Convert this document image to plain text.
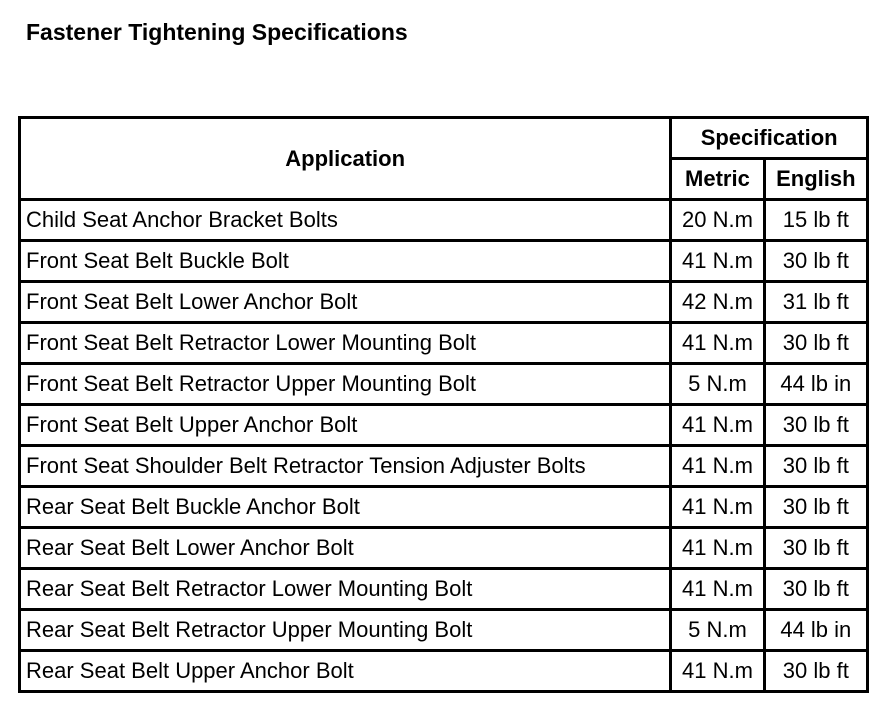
Fastener Tightening Specifications
Application	Specification	
	Metric	English
Child Seat Anchor Bracket Bolts	20 N.m	15 lb ft
Front Seat Belt Buckle Bolt	41 N.m	30 lb ft
Front Seat Belt Lower Anchor Bolt	42 N.m	31 lb ft
Front Seat Belt Retractor Lower Mounting Bolt	41 N.m	30 lb ft
Front Seat Belt Retractor Upper Mounting Bolt	5 N.m	44 lb in
Front Seat Belt Upper Anchor Bolt	41 N.m	30 lb ft
Front Seat Shoulder Belt Retractor Tension Adjuster Bolts	41 N.m	30 lb ft
Rear Seat Belt Buckle Anchor Bolt	41 N.m	30 lb ft
Rear Seat Belt Lower Anchor Bolt	41 N.m	30 lb ft
Rear Seat Belt Retractor Lower Mounting Bolt	41 N.m	30 lb ft
Rear Seat Belt Retractor Upper Mounting Bolt	5 N.m	44 lb in
Rear Seat Belt Upper Anchor Bolt	41 N.m	30 lb ft
